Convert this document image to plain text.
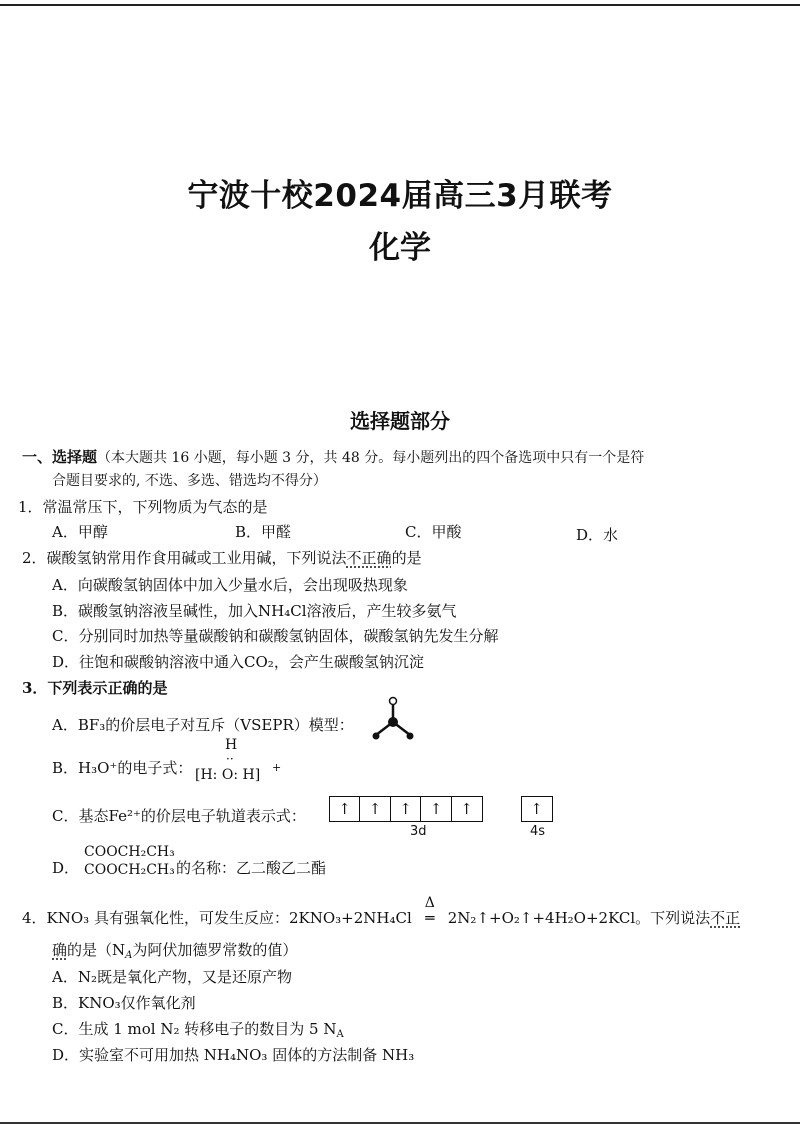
宁波十校2024届高三3月联考
化学
选择题部分
一、选择题（本大题共 16 小题，每小题 3 分，共 48 分。每小题列出的四个备选项中只有一个是符
合题目要求的, 不选、多选、错选均不得分）
1．常温常压下，下列物质为气态的是
A．甲醇	B．甲醛	C．甲酸	D．水
2．碳酸氢钠常用作食用碱或工业用碱，下列说法不正确的是
A．向碳酸氢钠固体中加入少量水后，会出现吸热现象
B．碳酸氢钠溶液呈碱性，加入NH₄Cl溶液后，产生较多氨气
C．分别同时加热等量碳酸钠和碳酸氢钠固体，碳酸氢钠先发生分解
D．往饱和碳酸钠溶液中通入CO₂，会产生碳酸氢钠沉淀
3．下列表示正确的是
A．BF₃的价层电子对互斥（VSEPR）模型：
B．H₃O⁺的电子式：
H
··
[H: O: H] +
C．基态Fe²⁺的价层电子轨道表示式：	↑ ↑ ↑ ↑ ↑	↑
3d	4s
D．
COOCH₂CH₃
COOCH₂CH₃ 的名称：乙二酸乙二酯
4．KNO₃ 具有强氧化性，可发生反应：2KNO₃+2NH₄Cl
Δ
═ 2N₂↑+O₂↑+4H₂O+2KCl。下列说法不正
确的是（$N_A$为阿伏加德罗常数的值）
A．N₂既是氧化产物，又是还原产物
B．KNO₃仅作氧化剂
C．生成 1 mol N₂ 转移电子的数目为 5 $N_A$
D．实验室不可用加热 NH₄NO₃ 固体的方法制备 NH₃
